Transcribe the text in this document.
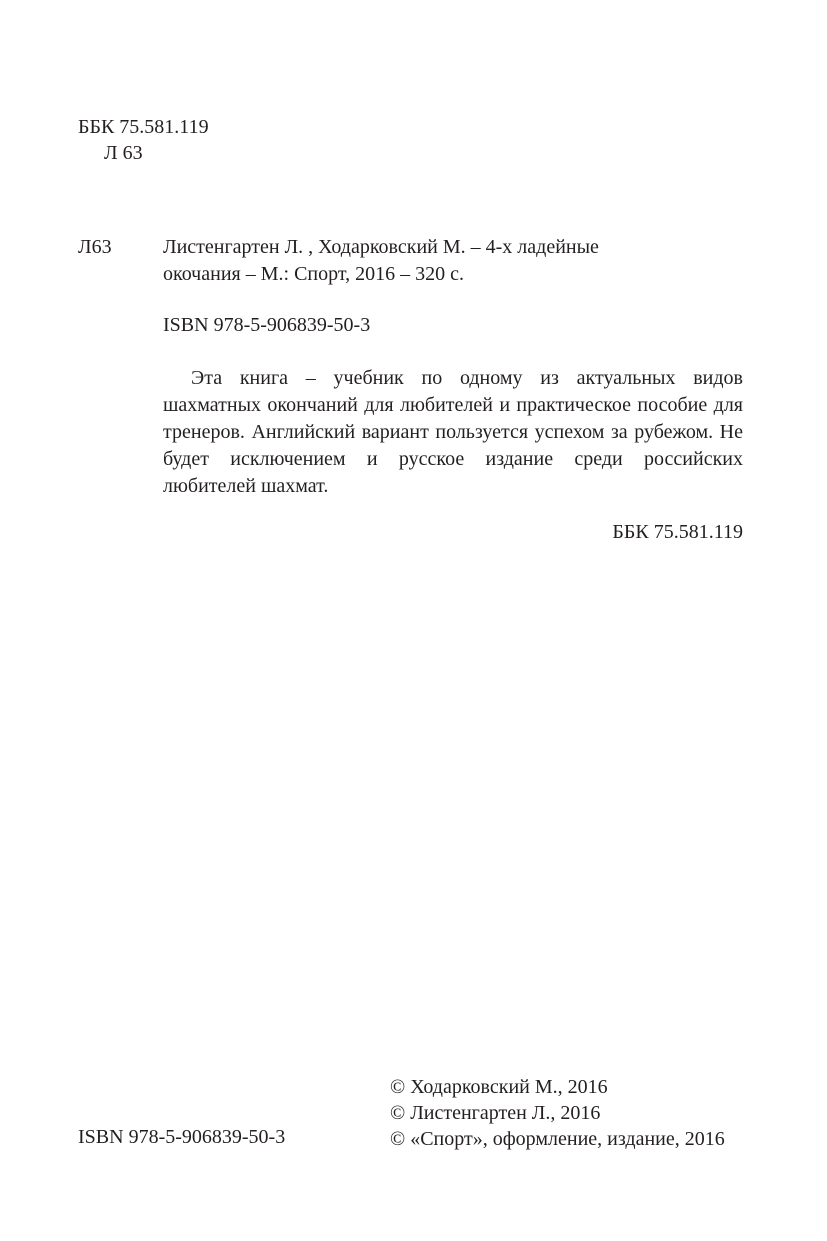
ББК 75.581.119
Л 63
Л63	Листенгартен Л. , Ходарковский М. – 4-х ладейные
окочания – М.: Спорт, 2016 – 320 с.
ISBN 978-5-906839-50-3

Эта книга – учебник по одному из актуальных видов шахматных окончаний для любителей и практическое пособие для тренеров. Английский вариант пользуется успехом за рубежом. Не будет исключением и русское издание среди российских любителей шахмат.

ББК 75.581.119
ISBN 978-5-906839-50-3
© Ходарковский М., 2016
© Листенгартен Л., 2016
© «Спорт», оформление, издание, 2016
